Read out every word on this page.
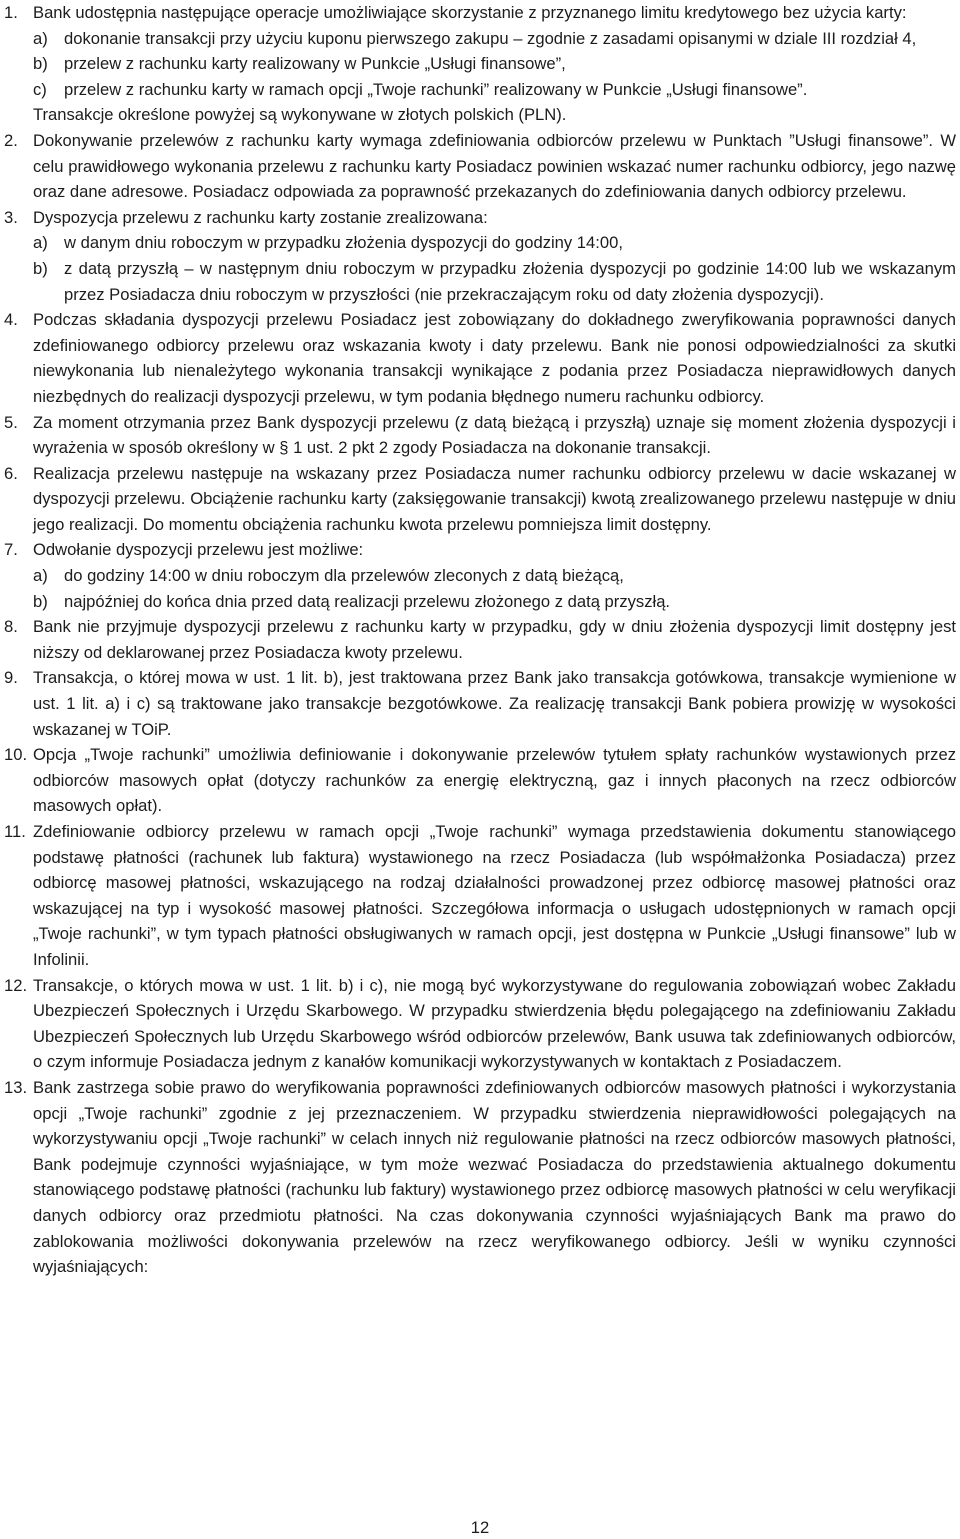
1. Bank udostępnia następujące operacje umożliwiające skorzystanie z przyznanego limitu kredytowego bez użycia karty:
a) dokonanie transakcji przy użyciu kuponu pierwszego zakupu – zgodnie z zasadami opisanymi w dziale III rozdział 4,
b) przelew z rachunku karty realizowany w Punkcie „Usługi finansowe”,
c)	przelew z rachunku karty w ramach opcji „Twoje rachunki” realizowany w Punkcie „Usługi finansowe”.
Transakcje określone powyżej są wykonywane w złotych polskich (PLN).
2. Dokonywanie przelewów z rachunku karty wymaga zdefiniowania odbiorców przelewu w Punktach ”Usługi finansowe”. W celu prawidłowego wykonania przelewu z rachunku karty Posiadacz powinien wskazać numer rachunku odbiorcy, jego nazwę oraz dane adresowe. Posiadacz odpowiada za poprawność przekazanych do zdefiniowania danych odbiorcy przelewu.
3. Dyspozycja przelewu z rachunku karty zostanie zrealizowana:
a) w danym dniu roboczym w przypadku złożenia dyspozycji do godziny 14:00,
b) z datą przyszłą – w następnym dniu roboczym w przypadku złożenia dyspozycji po godzinie 14:00 lub we wskazanym przez Posiadacza dniu roboczym w przyszłości (nie przekraczającym roku od daty złożenia dyspozycji).
4. Podczas składania dyspozycji przelewu Posiadacz jest zobowiązany do dokładnego zweryfikowania poprawności danych zdefiniowanego odbiorcy przelewu oraz wskazania kwoty i daty przelewu. Bank nie ponosi odpowiedzialności za skutki niewykonania lub nienależytego wykonania transakcji wynikające z podania przez Posiadacza nieprawidłowych danych niezbędnych do realizacji dyspozycji przelewu, w tym podania błędnego numeru rachunku odbiorcy.
5. Za moment otrzymania przez Bank dyspozycji przelewu (z datą bieżącą i przyszłą) uznaje się moment złożenia dyspozycji i wyrażenia w sposób określony w § 1 ust. 2 pkt 2 zgody Posiadacza na dokonanie transakcji.
6. Realizacja przelewu następuje na wskazany przez Posiadacza numer rachunku odbiorcy przelewu w dacie wskazanej w dyspozycji przelewu. Obciążenie rachunku karty (zaksięgowanie transakcji) kwotą zrealizowanego przelewu następuje w dniu jego realizacji. Do momentu obciążenia rachunku kwota przelewu pomniejsza limit dostępny.
7. Odwołanie dyspozycji przelewu jest możliwe:
a) do godziny 14:00 w dniu roboczym dla przelewów zleconych z datą bieżącą,
b) najpóźniej do końca dnia przed datą realizacji przelewu złożonego z datą przyszłą.
8. Bank nie przyjmuje dyspozycji przelewu z rachunku karty w przypadku, gdy w dniu złożenia dyspozycji limit dostępny jest niższy od deklarowanej przez Posiadacza kwoty przelewu.
9. Transakcja, o której mowa w ust. 1 lit. b), jest traktowana przez Bank jako transakcja gotówkowa, transakcje wymienione w ust. 1 lit. a) i c) są traktowane jako transakcje bezgotówkowe. Za realizację transakcji Bank pobiera prowizję w wysokości wskazanej w TOiP.
10. Opcja „Twoje rachunki” umożliwia definiowanie i dokonywanie przelewów tytułem spłaty rachunków wystawionych przez odbiorców masowych opłat (dotyczy rachunków za energię elektryczną, gaz i innych płaconych na rzecz odbiorców masowych opłat).
11. Zdefiniowanie odbiorcy przelewu w ramach opcji „Twoje rachunki” wymaga przedstawienia dokumentu stanowiącego podstawę płatności (rachunek lub faktura) wystawionego na rzecz Posiadacza (lub współmałżonka Posiadacza) przez odbiorcę masowej płatności, wskazującego na rodzaj działalności prowadzonej przez odbiorcę masowej płatności oraz wskazującej na typ i wysokość masowej płatności. Szczegółowa informacja o usługach udostępnionych w ramach opcji „Twoje rachunki”, w tym typach płatności obsługiwanych w ramach opcji, jest dostępna w Punkcie „Usługi finansowe” lub w Infolinii.
12. Transakcje, o których mowa w ust. 1 lit. b) i c), nie mogą być wykorzystywane do regulowania zobowiązań wobec Zakładu Ubezpieczeń Społecznych i Urzędu Skarbowego. W przypadku stwierdzenia błędu polegającego na zdefiniowaniu Zakładu Ubezpieczeń Społecznych lub Urzędu Skarbowego wśród odbiorców przelewów, Bank usuwa tak zdefiniowanych odbiorców, o czym informuje Posiadacza jednym z kanałów komunikacji wykorzystywanych w kontaktach z Posiadaczem.
13. Bank zastrzega sobie prawo do weryfikowania poprawności zdefiniowanych odbiorców masowych płatności i wykorzystania opcji „Twoje rachunki” zgodnie z jej przeznaczeniem. W przypadku stwierdzenia nieprawidłowości polegających na wykorzystywaniu opcji „Twoje rachunki” w celach innych niż regulowanie płatności na rzecz odbiorców masowych płatności, Bank podejmuje czynności wyjaśniające, w tym może wezwać Posiadacza do przedstawienia aktualnego dokumentu stanowiącego podstawę płatności (rachunku lub faktury) wystawionego przez odbiorcę masowych płatności w celu weryfikacji danych odbiorcy oraz przedmiotu płatności. Na czas dokonywania czynności wyjaśniających Bank ma prawo do zablokowania możliwości dokonywania przelewów na rzecz weryfikowanego odbiorcy. Jeśli w wyniku czynności wyjaśniających:
12
